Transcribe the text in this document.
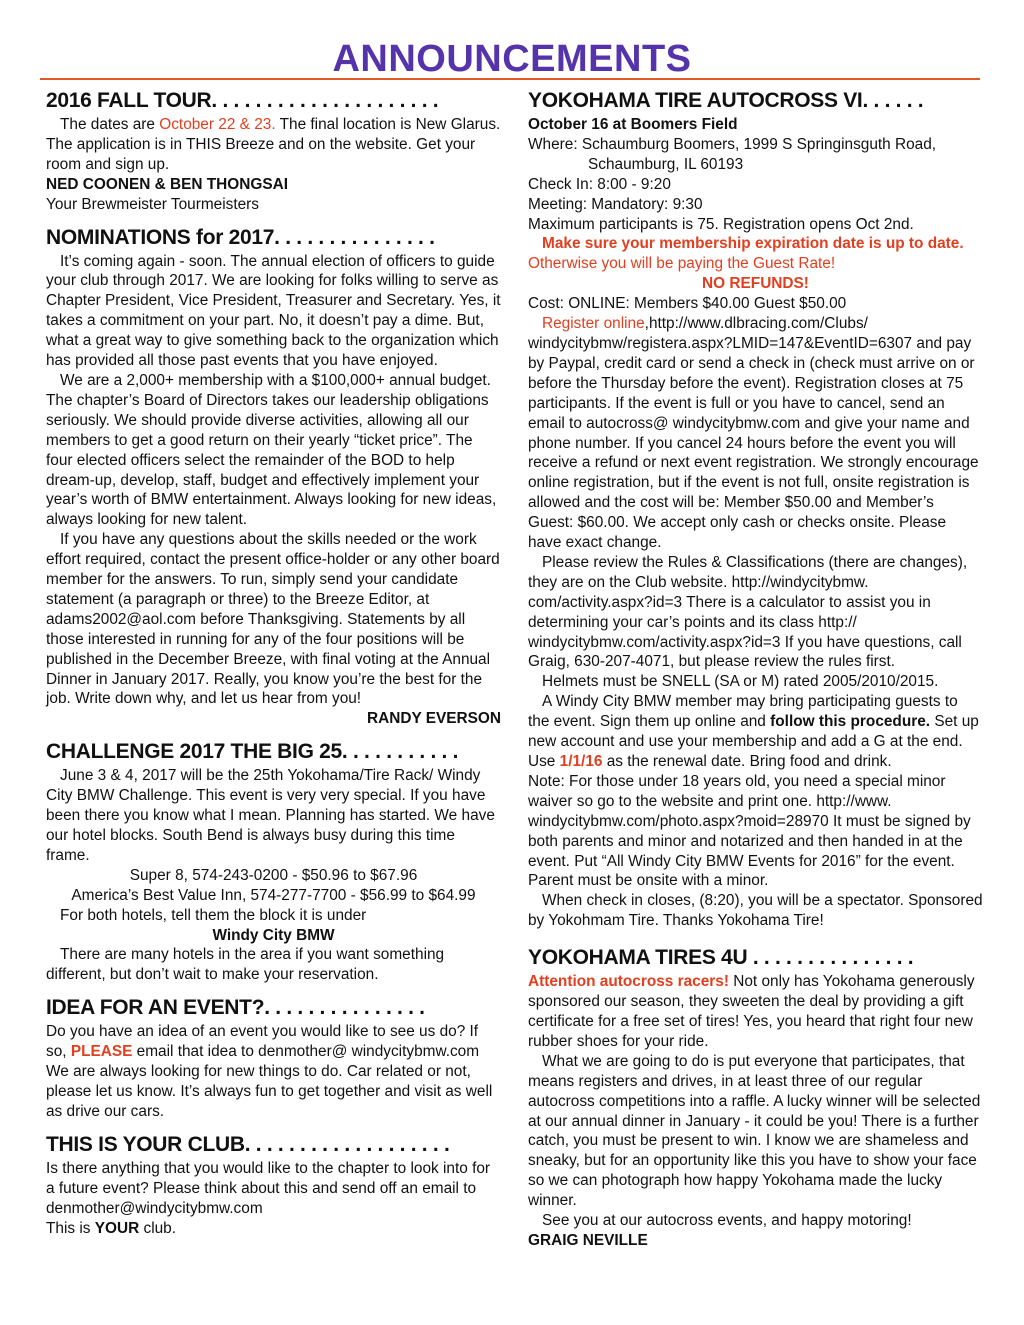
ANNOUNCEMENTS
2016 FALL TOUR. . . . . . . . . . . . . . . . . . . . .

The dates are October 22 & 23. The final location is New Glarus. The application is in THIS Breeze and on the website. Get your room and sign up.

NED COONEN & BEN THONGSAI

Your Brewmeister Tourmeisters

NOMINATIONS for 2017. . . . . . . . . . . . . . .

It’s coming again - soon. The annual election of officers to guide your club through 2017. We are looking for folks willing to serve as Chapter President, Vice President, Treasurer and Secretary. Yes, it takes a commitment on your part. No, it doesn’t pay a dime. But, what a great way to give something back to the organization which has provided all those past events that you have enjoyed.

We are a 2,000+ membership with a $100,000+ annual budget. The chapter’s Board of Directors takes our leadership obligations seriously. We should provide diverse activities, allowing all our members to get a good return on their yearly “ticket price”. The four elected officers select the remainder of the BOD to help dream-up, develop, staff, budget and effectively implement your year’s worth of BMW entertainment. Always looking for new ideas, always looking for new talent.

If you have any questions about the skills needed or the work effort required, contact the present office-holder or any other board member for the answers. To run, simply send your candidate statement (a paragraph or three) to the Breeze Editor, at adams2002@aol.com before Thanksgiving. Statements by all those interested in running for any of the four positions will be published in the December Breeze, with final voting at the Annual Dinner in January 2017. Really, you know you’re the best for the job. Write down why, and let us hear from you!
RANDY EVERSON

CHALLENGE 2017 THE BIG 25. . . . . . . . . . .

June 3 & 4, 2017 will be the 25th Yokohama/Tire Rack/ Windy City BMW Challenge. This event is very very special. If you have been there you know what I mean. Planning has started. We have our hotel blocks. South Bend is always busy during this time frame.

Super 8, 574-243-0200 - $50.96 to $67.96

America’s Best Value Inn, 574-277-7700 - $56.99 to $64.99

For both hotels, tell them the block it is under

Windy City BMW

There are many hotels in the area if you want something different, but don’t wait to make your reservation.

IDEA FOR AN EVENT?. . . . . . . . . . . . . . .

Do you have an idea of an event you would like to see us do? If so, PLEASE email that idea to denmother@ windycitybmw.com We are always looking for new things to do. Car related or not, please let us know. It’s always fun to get together and visit as well as drive our cars.

THIS IS YOUR CLUB. . . . . . . . . . . . . . . . . . .

Is there anything that you would like to the chapter to look into for a future event? Please think about this and send off an email to denmother@windycitybmw.com

This is YOUR club.

YOKOHAMA TIRE AUTOCROSS VI. . . . . .

October 16 at Boomers Field

Where: Schaumburg Boomers, 1999 S Springinsguth Road,

Schaumburg, IL 60193

Check In: 8:00 - 9:20

Meeting: Mandatory: 9:30

Maximum participants is 75. Registration opens Oct 2nd.

Make sure your membership expiration date is up to date. Otherwise you will be paying the Guest Rate!

NO REFUNDS!

Cost: ONLINE: Members $40.00 Guest $50.00

Register online,http://www.dlbracing.com/Clubs/ windycitybmw/registera.aspx?LMID=147&EventID=6307 and pay by Paypal, credit card or send a check in (check must arrive on or before the Thursday before the event). Registration closes at 75 participants. If the event is full or you have to cancel, send an email to autocross@ windycitybmw.com and give your name and phone number. If you cancel 24 hours before the event you will receive a refund or next event registration. We strongly encourage online registration, but if the event is not full, onsite registration is allowed and the cost will be: Member $50.00 and Member’s Guest: $60.00. We accept only cash or checks onsite. Please have exact change.

Please review the Rules & Classifications (there are changes), they are on the Club website. http://windycitybmw. com/activity.aspx?id=3 There is a calculator to assist you in determining your car’s points and its class http:// windycitybmw.com/activity.aspx?id=3 If you have questions, call Graig, 630-207-4071, but please review the rules first.

Helmets must be SNELL (SA or M) rated 2005/2010/2015.

A Windy City BMW member may bring participating guests to the event. Sign them up online and follow this procedure. Set up new account and use your membership and add a G at the end. Use 1/1/16 as the renewal date. Bring food and drink.

Note: For those under 18 years old, you need a special minor waiver so go to the website and print one. http://www. windycitybmw.com/photo.aspx?moid=28970 It must be signed by both parents and minor and notarized and then handed in at the event. Put “All Windy City BMW Events for 2016” for the event. Parent must be onsite with a minor.

When check in closes, (8:20), you will be a spectator. Sponsored by Yokohmam Tire. Thanks Yokohama Tire!

YOKOHAMA TIRES 4U . . . . . . . . . . . . . . .

Attention autocross racers! Not only has Yokohama generously sponsored our season, they sweeten the deal by providing a gift certificate for a free set of tires! Yes, you heard that right four new rubber shoes for your ride.

What we are going to do is put everyone that participates, that means registers and drives, in at least three of our regular autocross competitions into a raffle. A lucky winner will be selected at our annual dinner in January - it could be you! There is a further catch, you must be present to win. I know we are shameless and sneaky, but for an opportunity like this you have to show your face so we can photograph how happy Yokohama made the lucky winner.

See you at our autocross events, and happy motoring!

GRAIG NEVILLE
